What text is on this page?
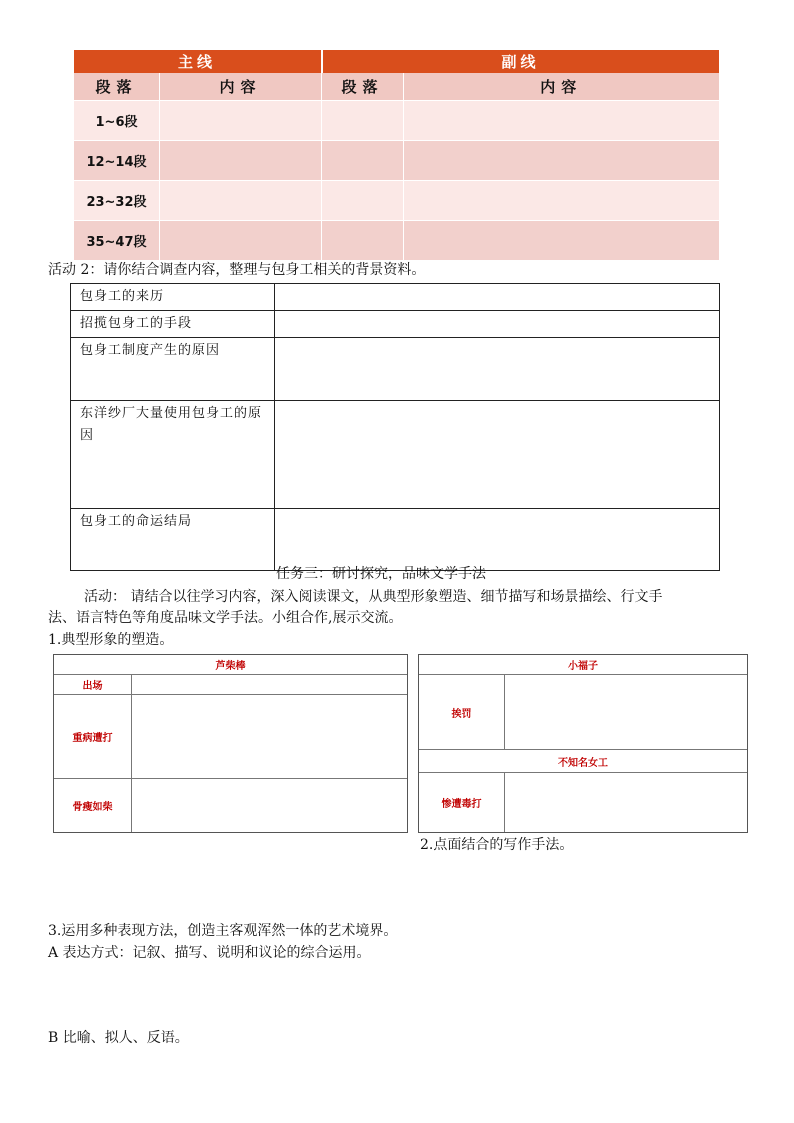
主线		副线	
段落	内容	段落	内容
1~6段			
12~14段			
23~32段			
35~47段			
活动 2：请你结合调查内容，整理与包身工相关的背景资料。
包身工的来历	
招揽包身工的手段	
包身工制度产生的原因	
东洋纱厂大量使用包身工的原因	
包身工的命运结局	
任务三：研讨探究，品味文学手法
活动： 请结合以往学习内容，深入阅读课文，从典型形象塑造、细节描写和场景描绘、行文手
法、语言特色等角度品味文学手法。小组合作,展示交流。
1.典型形象的塑造。
芦柴棒
出场
重病遭打
骨瘦如柴
小福子
挨罚
不知名女工
惨遭毒打
2.点面结合的写作手法。
3.运用多种表现方法，创造主客观浑然一体的艺术境界。
A 表达方式：记叙、描写、说明和议论的综合运用。
B 比喻、拟人、反语。
